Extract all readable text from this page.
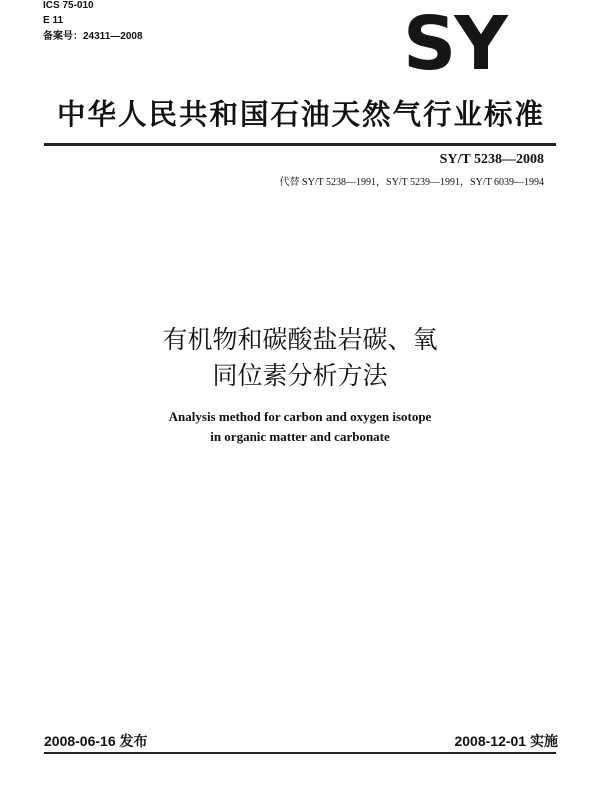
ICS 75-010
E 11
备案号：24311—2008	SY
中华人民共和国石油天然气行业标准
SY/T 5238—2008
代替 SY/T 5238—1991，SY/T 5239—1991，SY/T 6039—1994
有机物和碳酸盐岩碳、氧
同位素分析方法
Analysis method for carbon and oxygen isotope
in organic matter and carbonate
2008-06-16 发布	2008-12-01 实施
